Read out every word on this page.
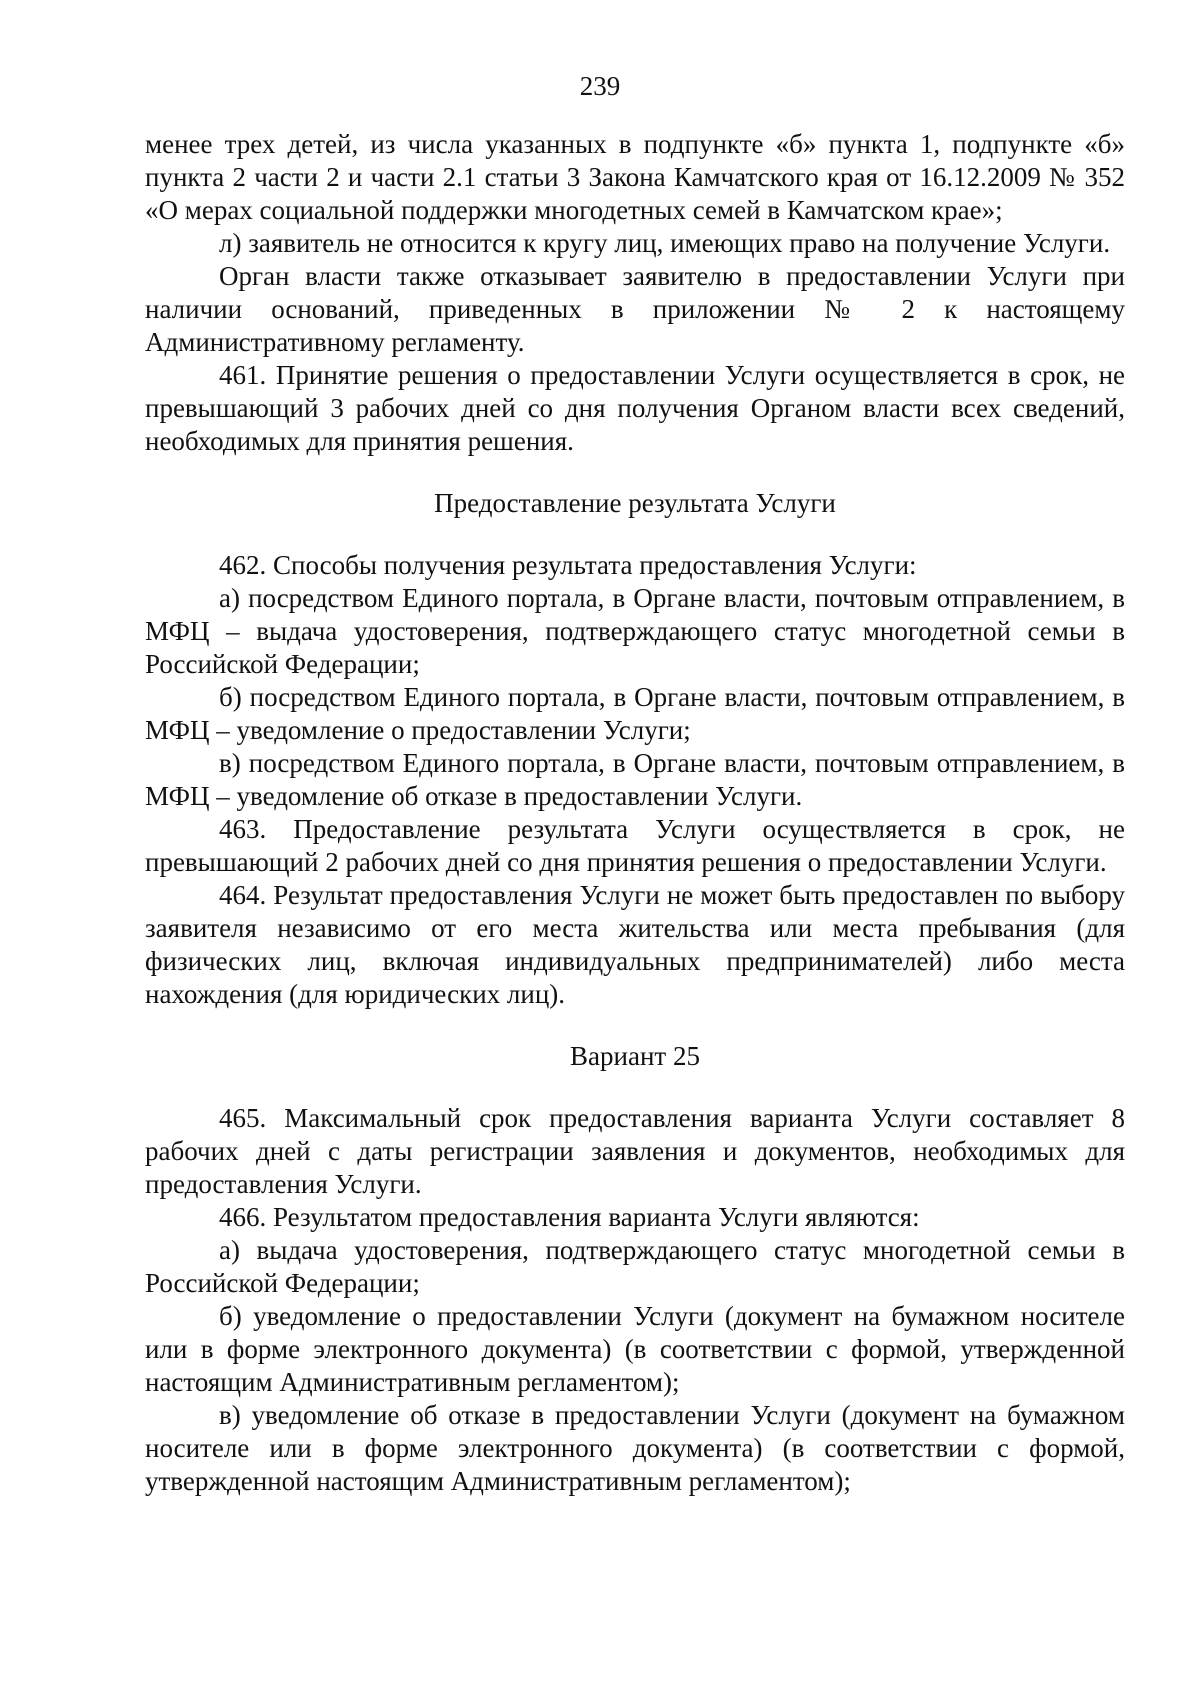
239

менее трех детей, из числа указанных в подпункте «б» пункта 1, подпункте «б» пункта 2 части 2 и части 2.1 статьи 3 Закона Камчатского края от 16.12.2009 № 352 «О мерах социальной поддержки многодетных семей в Камчатском крае»;

л) заявитель не относится к кругу лиц, имеющих право на получение Услуги.

Орган власти также отказывает заявителю в предоставлении Услуги при наличии оснований, приведенных в приложении № 2 к настоящему Административному регламенту.

461. Принятие решения о предоставлении Услуги осуществляется в срок, не превышающий 3 рабочих дней со дня получения Органом власти всех сведений, необходимых для принятия решения.

Предоставление результата Услуги

462. Способы получения результата предоставления Услуги:

а) посредством Единого портала, в Органе власти, почтовым отправлением, в МФЦ – выдача удостоверения, подтверждающего статус многодетной семьи в Российской Федерации;

б) посредством Единого портала, в Органе власти, почтовым отправлением, в МФЦ – уведомление о предоставлении Услуги;

в) посредством Единого портала, в Органе власти, почтовым отправлением, в МФЦ – уведомление об отказе в предоставлении Услуги.

463. Предоставление результата Услуги осуществляется в срок, не превышающий 2 рабочих дней со дня принятия решения о предоставлении Услуги.

464. Результат предоставления Услуги не может быть предоставлен по выбору заявителя независимо от его места жительства или места пребывания (для физических лиц, включая индивидуальных предпринимателей) либо места нахождения (для юридических лиц).

Вариант 25

465. Максимальный срок предоставления варианта Услуги составляет 8 рабочих дней с даты регистрации заявления и документов, необходимых для предоставления Услуги.

466. Результатом предоставления варианта Услуги являются:

а) выдача удостоверения, подтверждающего статус многодетной семьи в Российской Федерации;

б) уведомление о предоставлении Услуги (документ на бумажном носителе или в форме электронного документа) (в соответствии с формой, утвержденной настоящим Административным регламентом);

в) уведомление об отказе в предоставлении Услуги (документ на бумажном носителе или в форме электронного документа) (в соответствии с формой, утвержденной настоящим Административным регламентом);
